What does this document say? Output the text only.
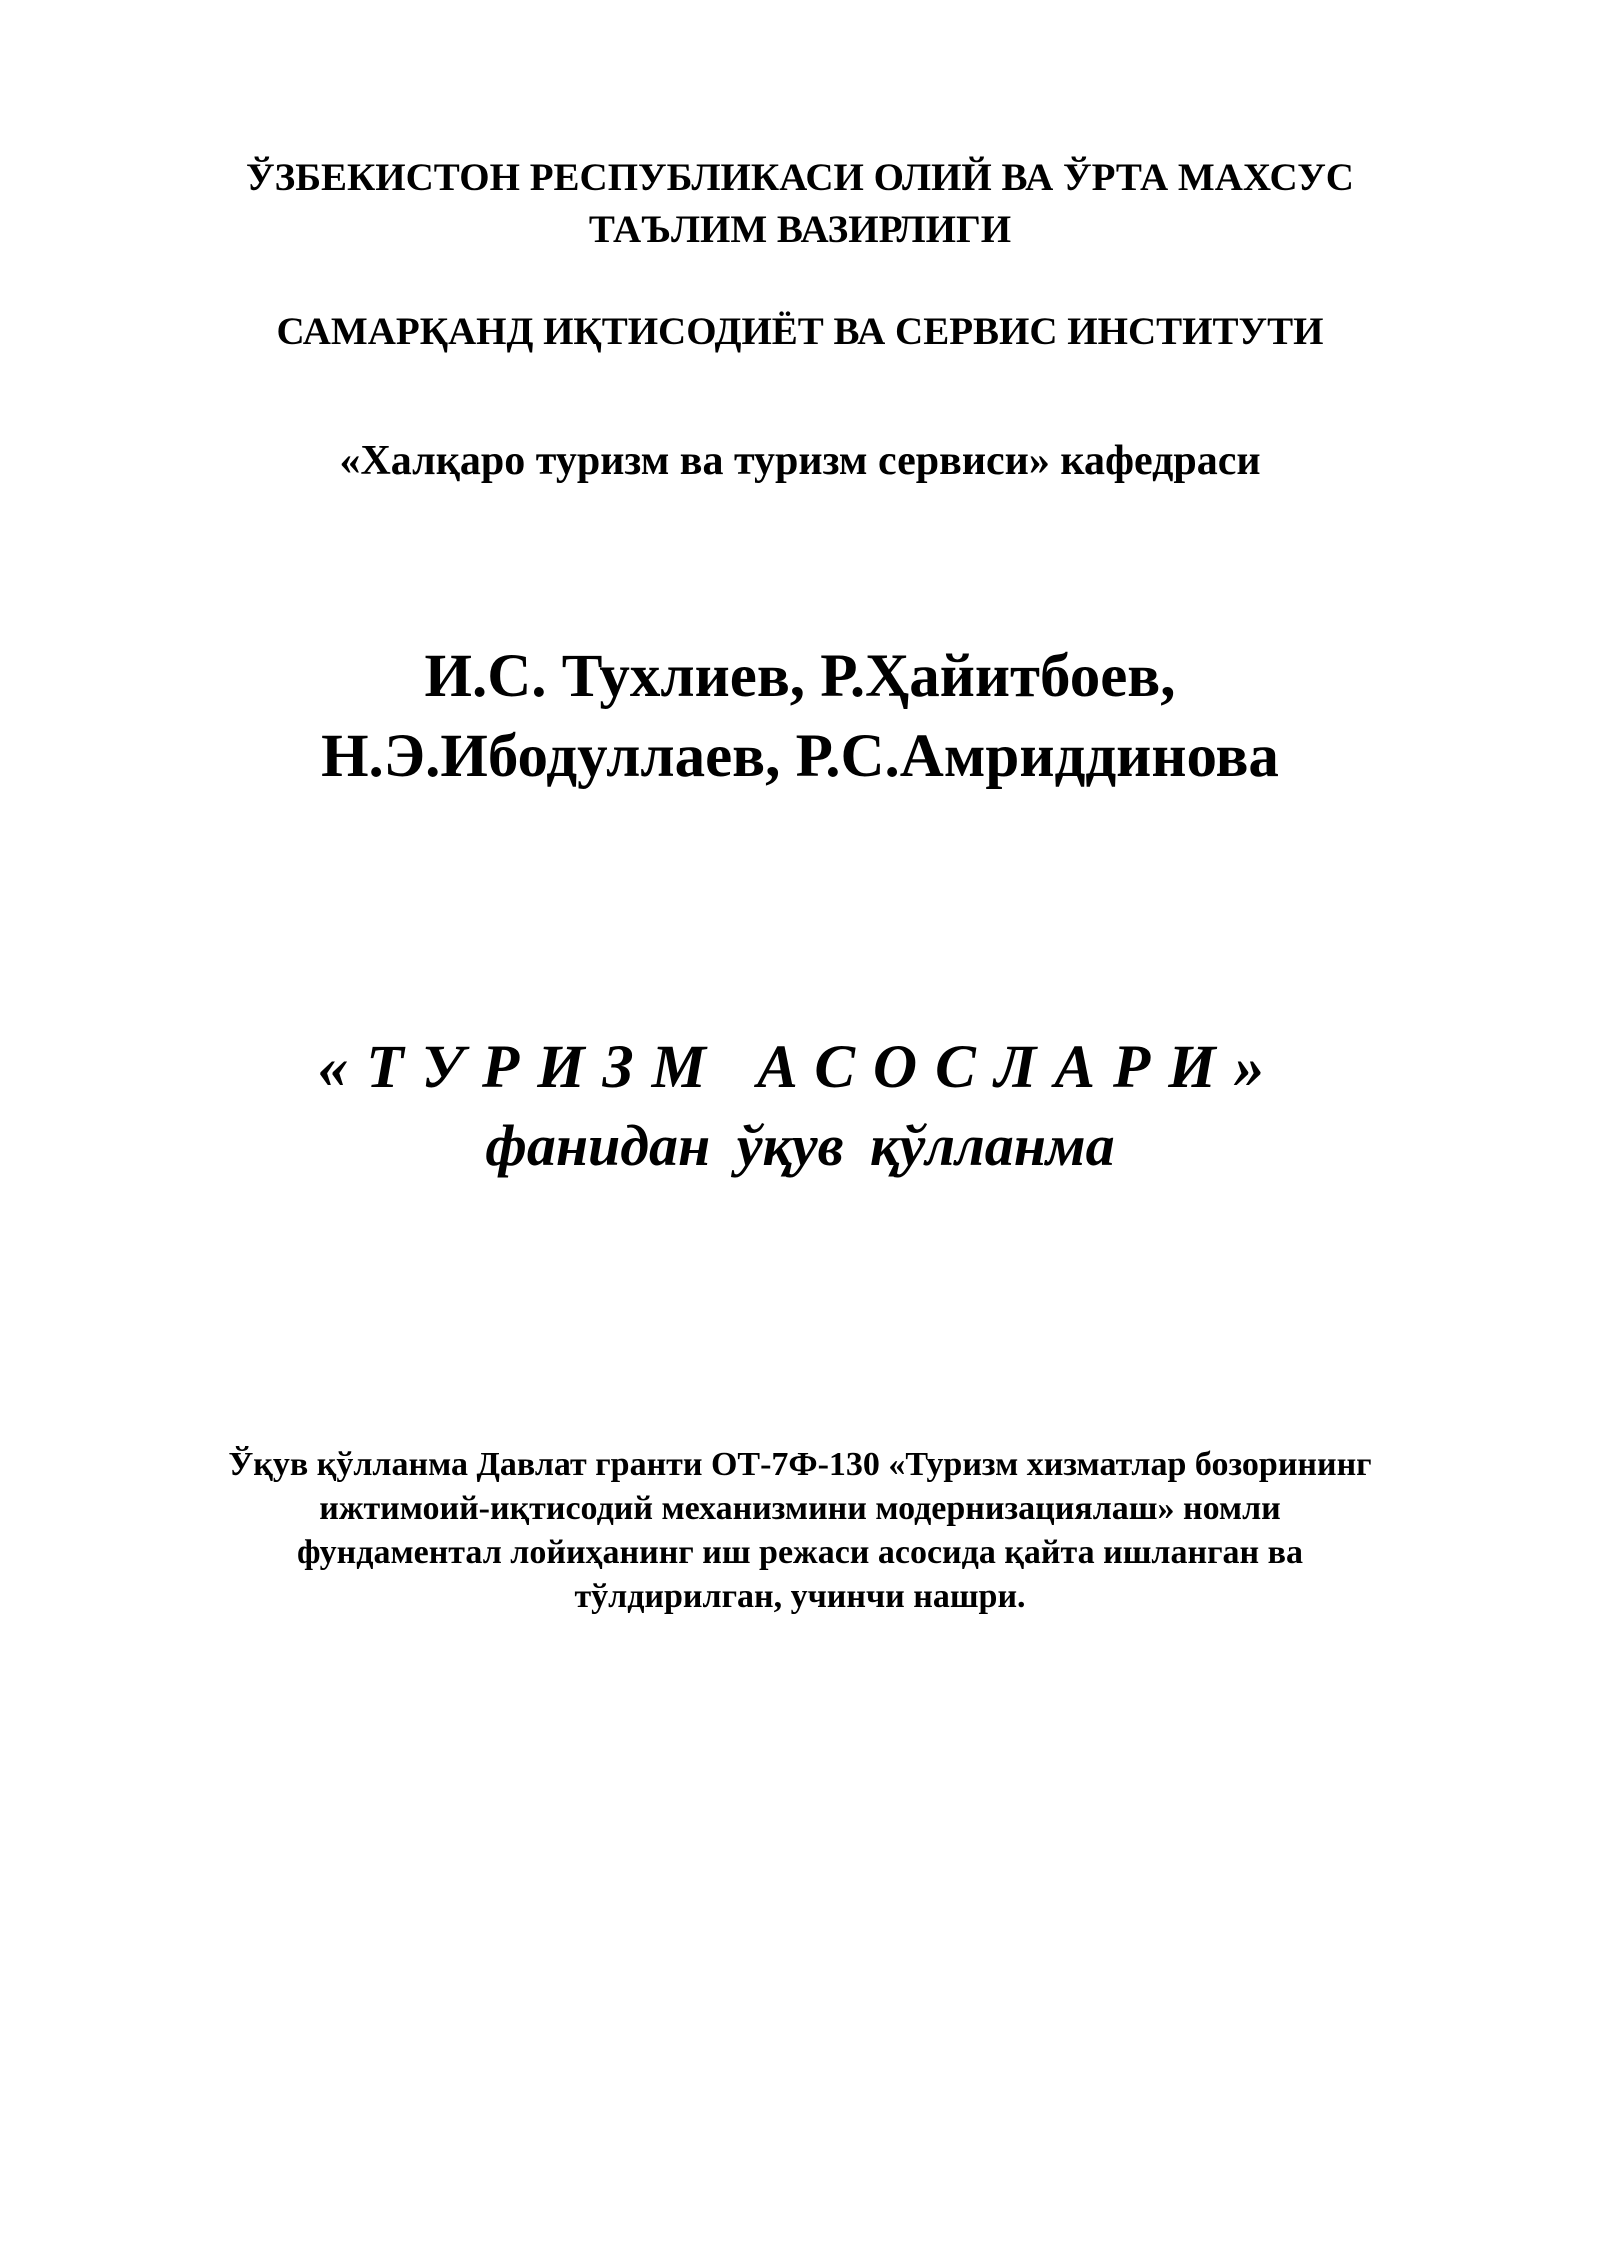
ЎЗБЕКИСТОН РЕСПУБЛИКАСИ ОЛИЙ ВА ЎРТА МАХСУС
ТАЪЛИМ ВАЗИРЛИГИ
САМАРҚАНД ИҚТИСОДИЁТ ВА СЕРВИС ИНСТИТУТИ
«Халқаро туризм ва туризм сервиси» кафедраси
И.С. Тухлиев, Р.Ҳайитбоев,
Н.Э.Ибодуллаев, Р.С.Амриддинова
«ТУРИЗМ АСОСЛАРИ»
фанидан ўқув қўлланма
Ўқув қўлланма Давлат гранти ОТ-7Ф-130 «Туризм хизматлар бозорининг
ижтимоий-иқтисодий механизмини модернизациялаш» номли
фундаментал лойиҳанинг иш режаси асосида қайта ишланган ва
тўлдирилган, учинчи нашри.
